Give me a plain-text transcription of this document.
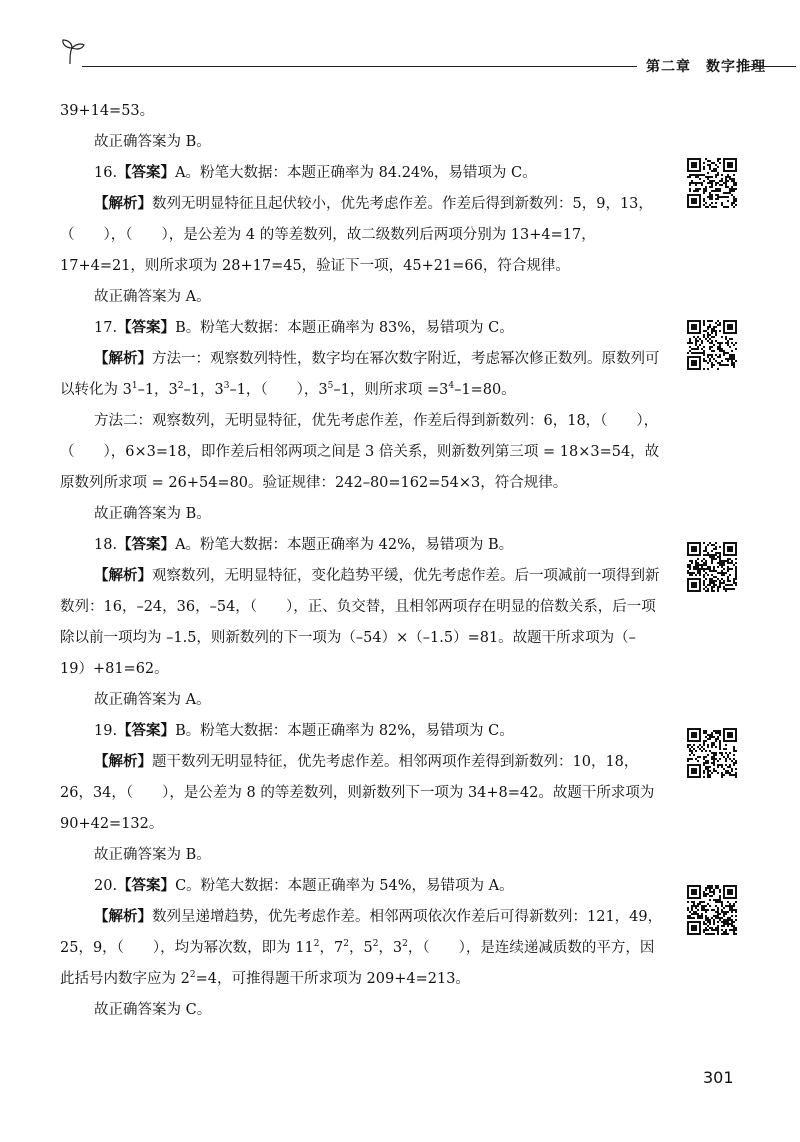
第二章　数字推理

39+14=53。

故正确答案为 B。

16.【答案】A。粉笔大数据：本题正确率为 84.24%，易错项为 C。

【解析】数列无明显特征且起伏较小，优先考虑作差。作差后得到新数列：5，9，13，（　　），（　　），是公差为 4 的等差数列，故二级数列后两项分别为 13+4=17，17+4=21，则所求项为 28+17=45，验证下一项，45+21=66，符合规律。

故正确答案为 A。

17.【答案】B。粉笔大数据：本题正确率为 83%，易错项为 C。

【解析】方法一：观察数列特性，数字均在幂次数字附近，考虑幂次修正数列。原数列可以转化为 $3^1-1$，$3^2-1$，$3^3-1$，（　　），$3^5-1$，则所求项 $=3^4-1=80$。

方法二：观察数列，无明显特征，优先考虑作差，作差后得到新数列：6，18，（　　），（　　），6×3=18，即作差后相邻两项之间是 3 倍关系，则新数列第三项 = 18×3=54，故原数列所求项 = 26+54=80。验证规律：242–80=162=54×3，符合规律。

故正确答案为 B。

18.【答案】A。粉笔大数据：本题正确率为 42%，易错项为 B。

【解析】观察数列，无明显特征，变化趋势平缓，优先考虑作差。后一项减前一项得到新数列：16，–24，36，–54，（　　），正、负交替，且相邻两项存在明显的倍数关系，后一项除以前一项均为 –1.5，则新数列的下一项为（–54）×（–1.5）=81。故题干所求项为（–19）+81=62。

故正确答案为 A。

19.【答案】B。粉笔大数据：本题正确率为 82%，易错项为 C。

【解析】题干数列无明显特征，优先考虑作差。相邻两项作差得到新数列：10，18，26，34，（　　），是公差为 8 的等差数列，则新数列下一项为 34+8=42。故题干所求项为 90+42=132。

故正确答案为 B。

20.【答案】C。粉笔大数据：本题正确率为 54%，易错项为 A。

【解析】数列呈递增趋势，优先考虑作差。相邻两项依次作差后可得新数列：121，49，25，9，（　　），均为幂次数，即为 $11^2$，$7^2$，$5^2$，$3^2$，（　　），是连续递减质数的平方，因此括号内数字应为 $2^2=4$，可推得题干所求项为 209+4=213。

故正确答案为 C。

301
